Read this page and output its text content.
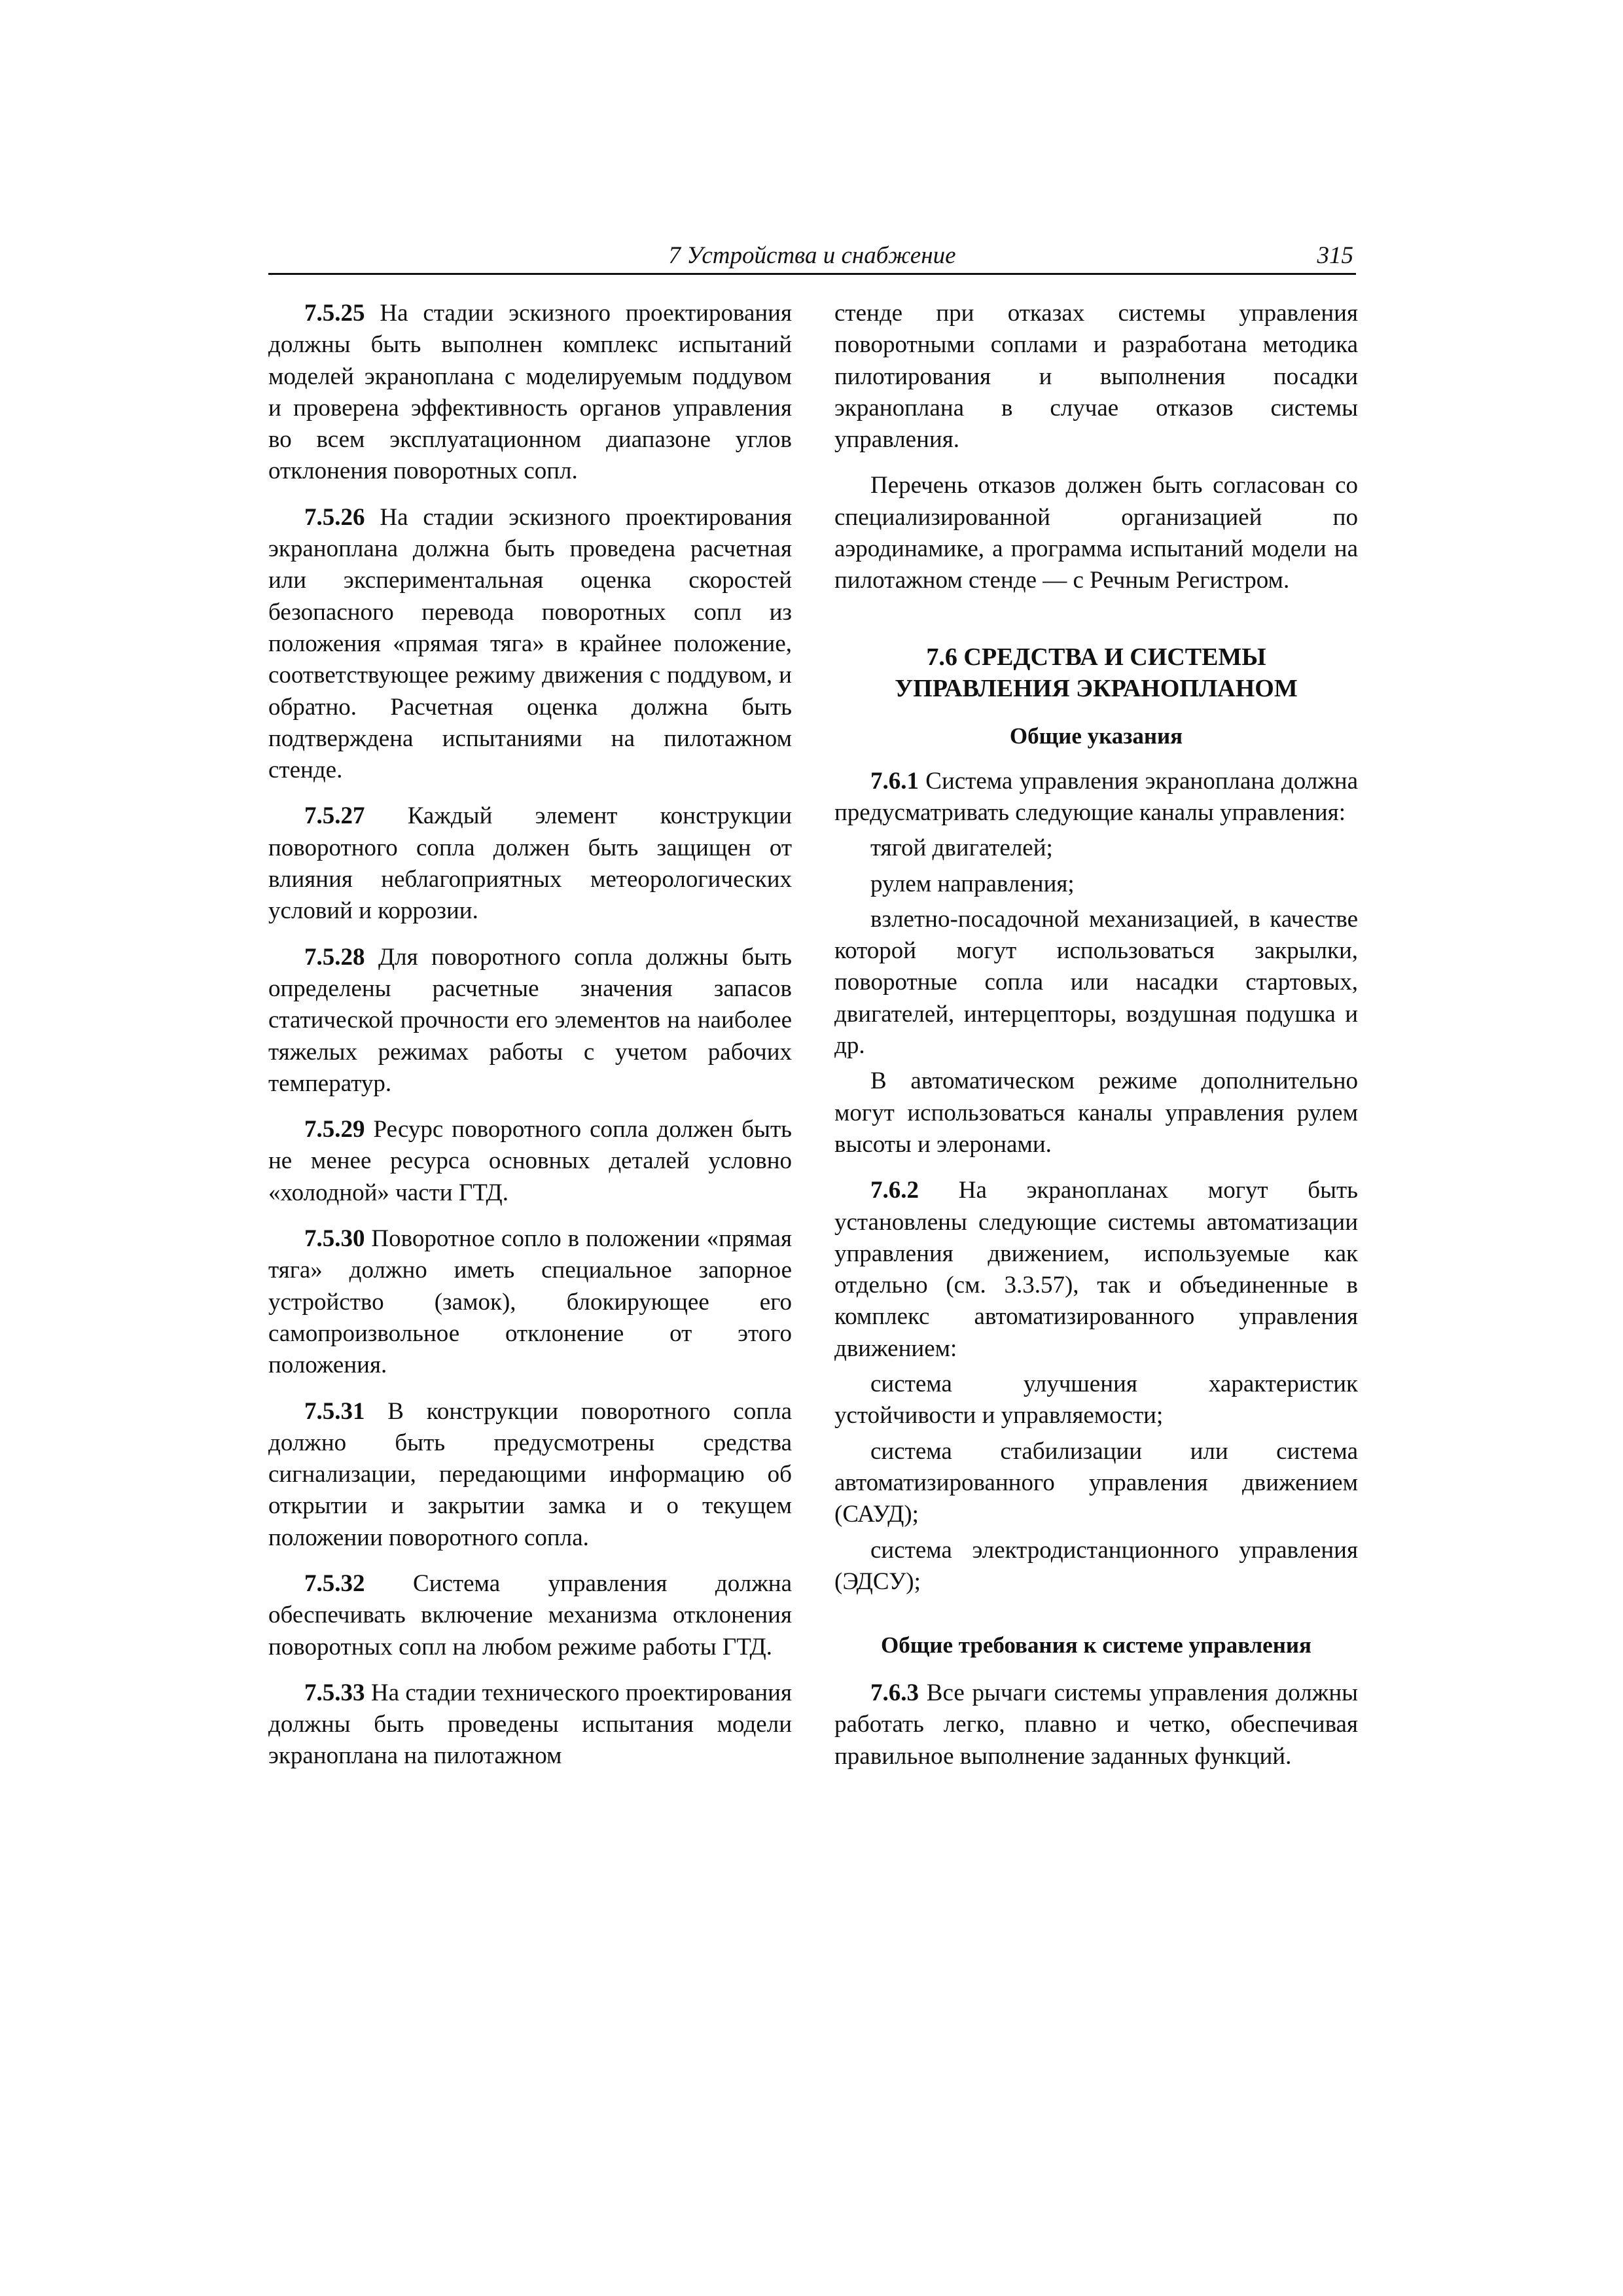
7 Устройства и снабжение	315

7.5.25 На стадии эскизного проектирования должны быть выполнен комплекс испытаний моделей экраноплана с моделируемым поддувом и проверена эффективность органов управления во всем эксплуатационном диапазоне углов отклонения поворотных сопл.

7.5.26 На стадии эскизного проектирования экраноплана должна быть проведена расчетная или экспериментальная оценка скоростей безопасного перевода поворотных сопл из положения «прямая тяга» в крайнее положение, соответствующее режиму движения с поддувом, и обратно. Расчетная оценка должна быть подтверждена испытаниями на пилотажном стенде.

7.5.27 Каждый элемент конструкции поворотного сопла должен быть защищен от влияния неблагоприятных метеорологических условий и коррозии.

7.5.28 Для поворотного сопла должны быть определены расчетные значения запасов статической прочности его элементов на наиболее тяжелых режимах работы с учетом рабочих температур.

7.5.29 Ресурс поворотного сопла должен быть не менее ресурса основных деталей условно «холодной» части ГТД.

7.5.30 Поворотное сопло в положении «прямая тяга» должно иметь специальное запорное устройство (замок), блокирующее его самопроизвольное отклонение от этого положения.

7.5.31 В конструкции поворотного сопла должно быть предусмотрены средства сигнализации, передающими информацию об открытии и закрытии замка и о текущем положении поворотного сопла.

7.5.32 Система управления должна обеспечивать включение механизма отклонения поворотных сопл на любом режиме работы ГТД.

7.5.33 На стадии технического проектирования должны быть проведены испытания модели экраноплана на пилотажном

стенде при отказах системы управления поворотными соплами и разработана методика пилотирования и выполнения посадки экраноплана в случае отказов системы управления.

Перечень отказов должен быть согласован со специализированной организацией по аэродинамике, а программа испытаний модели на пилотажном стенде — с Речным Регистром.

7.6 СРЕДСТВА И СИСТЕМЫ
УПРАВЛЕНИЯ ЭКРАНОПЛАНОМ
Общие указания

7.6.1 Система управления экраноплана должна предусматривать следующие каналы управления:

тягой двигателей;

рулем направления;

взлетно-посадочной механизацией, в качестве которой могут использоваться закрылки, поворотные сопла или насадки стартовых, двигателей, интерцепторы, воздушная подушка и др.

В автоматическом режиме дополнительно могут использоваться каналы управления рулем высоты и элеронами.

7.6.2 На экранопланах могут быть установлены следующие системы автоматизации управления движением, используемые как отдельно (см. 3.3.57), так и объединенные в комплекс автоматизированного управления движением:

система улучшения характеристик устойчивости и управляемости;

система стабилизации или система автоматизированного управления движением (САУД);

система электродистанционного управления (ЭДСУ);

Общие требования к системе управления

7.6.3 Все рычаги системы управления должны работать легко, плавно и четко, обеспечивая правильное выполнение заданных функций.
